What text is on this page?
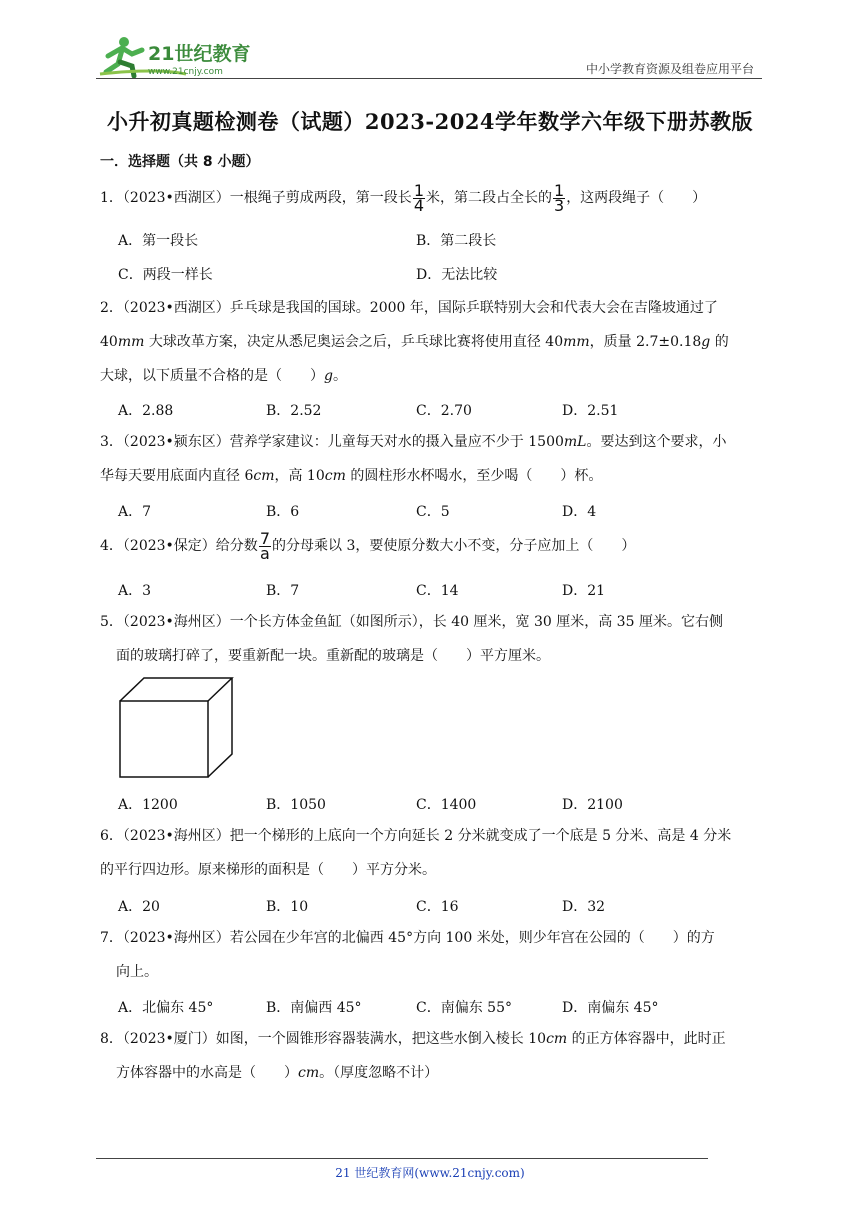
21世纪教育
www.21cnjy.com	中小学教育资源及组卷应用平台
小升初真题检测卷（试题）2023-2024学年数学六年级下册苏教版
一．选择题（共 8 小题）
1．（2023•西湖区）一根绳子剪成两段，第一段长 $\frac{1}{4}$ 米，第二段占全长的 $\frac{1}{3}$ ，这两段绳子（　　）
A．第一段长	B．第二段长
C．两段一样长	D．无法比较
2．（2023•西湖区）乒乓球是我国的国球。2000 年，国际乒联特别大会和代表大会在吉隆坡通过了
40mm 大球改革方案，决定从悉尼奥运会之后，乒乓球比赛将使用直径 40mm，质量 2.7±0.18g 的
大球，以下质量不合格的是（　　）g。
A．2.88	B．2.52	C．2.70	D．2.51
3．（2023•颍东区）营养学家建议：儿童每天对水的摄入量应不少于 1500mL。要达到这个要求，小
华每天要用底面内直径 6cm，高 10cm 的圆柱形水杯喝水，至少喝（　　）杯。
A．7	B．6	C．5	D．4
4．（2023•保定）给分数 $\frac{7}{a}$ 的分母乘以 3，要使原分数大小不变，分子应加上（　　）
A．3	B．7	C．14	D．21
5．（2023•海州区）一个长方体金鱼缸（如图所示），长 40 厘米，宽 30 厘米，高 35 厘米。它右侧
面的玻璃打碎了，要重新配一块。重新配的玻璃是（　　）平方厘米。
A．1200	B．1050	C．1400	D．2100
6．（2023•海州区）把一个梯形的上底向一个方向延长 2 分米就变成了一个底是 5 分米、高是 4 分米
的平行四边形。原来梯形的面积是（　　）平方分米。
A．20	B．10	C．16	D．32
7．（2023•海州区）若公园在少年宫的北偏西 45°方向 100 米处，则少年宫在公园的（　　）的方
向上。
A．北偏东 45°	B．南偏西 45°	C．南偏东 55°	D．南偏东 45°
8．（2023•厦门）如图，一个圆锥形容器装满水，把这些水倒入棱长 10cm 的正方体容器中，此时正
方体容器中的水高是（　　）cm。（厚度忽略不计）
21 世纪教育网(www.21cnjy.com)
